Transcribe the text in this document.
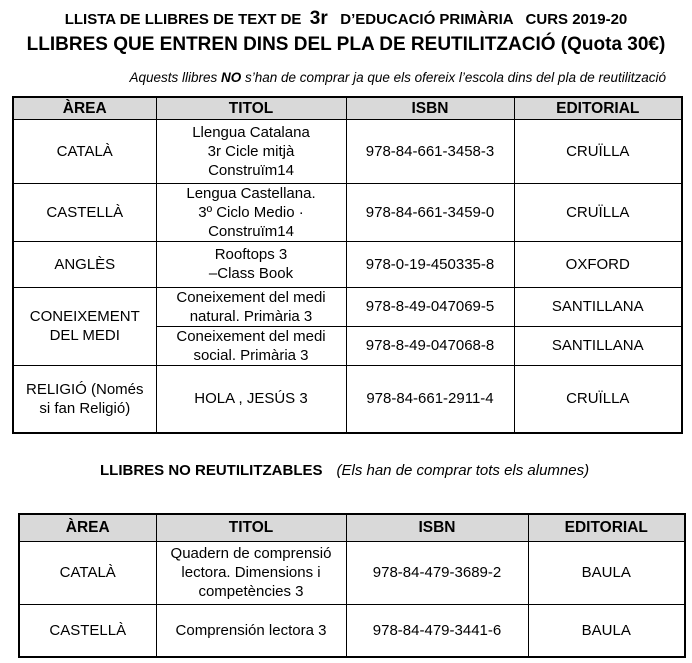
LLISTA DE LLIBRES DE TEXT DE 3r D’EDUCACIÓ PRIMÀRIA   CURS 2019-20
LLIBRES QUE ENTREN DINS DEL PLA DE REUTILITZACIÓ (Quota 30€)
Aquests llibres NO s’han de comprar ja que els ofereix l’escola dins del pla de reutilització
ÀREA	TITOL	ISBN	EDITORIAL
CATALÀ	Llengua Catalana
3r Cicle mitjà
Construïm14	978-84-661-3458-3	CRUÏLLA
CASTELLÀ	Lengua Castellana.
3º Ciclo Medio ·
Construïm14	978-84-661-3459-0	CRUÏLLA
ANGLÈS	Rooftops 3
–Class Book	978-0-19-450335-8	OXFORD
CONEIXEMENT
DEL MEDI	Coneixement del medi
natural. Primària 3	978-8-49-047069-5	SANTILLANA
	Coneixement del medi
social. Primària 3	978-8-49-047068-8	SANTILLANA
RELIGIÓ (Només
si fan Religió)	HOLA , JESÚS 3	978-84-661-2911-4	CRUÏLLA
LLIBRES NO REUTILITZABLES (Els han de comprar tots els alumnes)
ÀREA	TITOL	ISBN	EDITORIAL
CATALÀ	Quadern de comprensió
lectora. Dimensions i
competències 3	978-84-479-3689-2	BAULA
CASTELLÀ	Comprensión lectora 3	978-84-479-3441-6	BAULA
